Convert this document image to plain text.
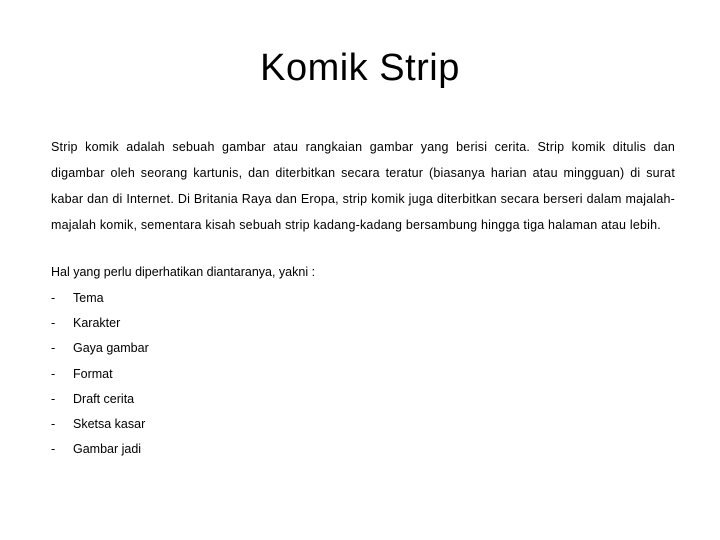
Komik Strip
Strip komik adalah sebuah gambar atau rangkaian gambar yang berisi cerita. Strip komik ditulis dan digambar oleh seorang kartunis, dan diterbitkan secara teratur (biasanya harian atau mingguan) di surat kabar dan di Internet. Di Britania Raya dan Eropa, strip komik juga diterbitkan secara berseri dalam majalah-majalah komik, sementara kisah sebuah strip kadang-kadang bersambung hingga tiga halaman atau lebih.
Hal yang perlu diperhatikan diantaranya, yakni :
-	Tema
-	Karakter
-	Gaya gambar
-	Format
-	Draft cerita
-	Sketsa kasar
-	Gambar jadi
